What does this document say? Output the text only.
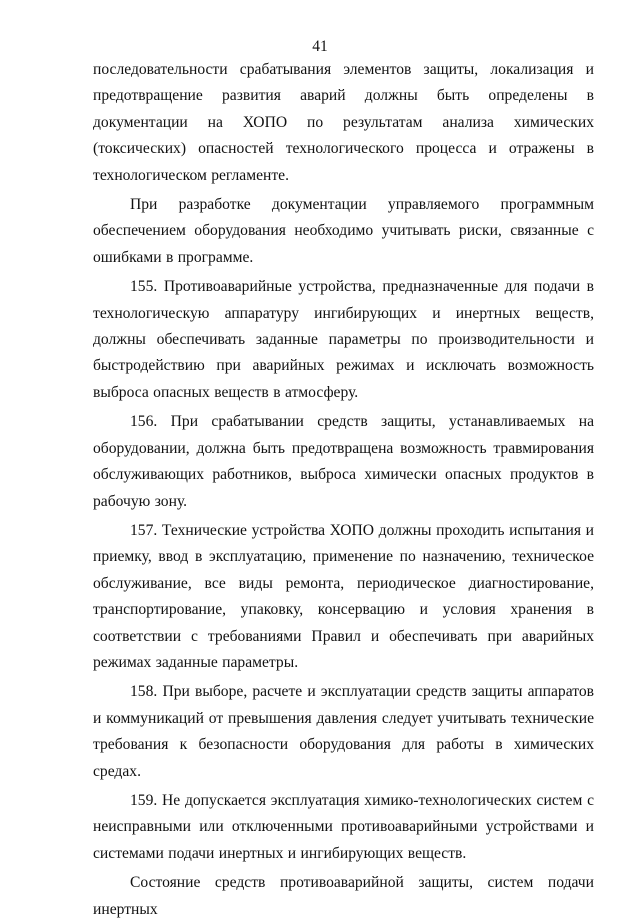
41

последовательности срабатывания элементов защиты, локализация и предотвращение развития аварий должны быть определены в документации на ХОПО по результатам анализа химических (токсических) опасностей технологического процесса и отражены в технологическом регламенте.

При разработке документации управляемого программным обеспечением оборудования необходимо учитывать риски, связанные с ошибками в программе.

155. Противоаварийные устройства, предназначенные для подачи в технологическую аппаратуру ингибирующих и инертных веществ, должны обеспечивать заданные параметры по производительности и быстродействию при аварийных режимах и исключать возможность выброса опасных веществ в атмосферу.

156. При срабатывании средств защиты, устанавливаемых на оборудовании, должна быть предотвращена возможность травмирования обслуживающих работников, выброса химически опасных продуктов в рабочую зону.

157. Технические устройства ХОПО должны проходить испытания и приемку, ввод в эксплуатацию, применение по назначению, техническое обслуживание, все виды ремонта, периодическое диагностирование, транспортирование, упаковку, консервацию и условия хранения в соответствии с требованиями Правил и обеспечивать при аварийных режимах заданные параметры.

158. При выборе, расчете и эксплуатации средств защиты аппаратов и коммуникаций от превышения давления следует учитывать технические требования к безопасности оборудования для работы в химических средах.

159. Не допускается эксплуатация химико-технологических систем с неисправными или отключенными противоаварийными устройствами и системами подачи инертных и ингибирующих веществ.

Состояние средств противоаварийной защиты, систем подачи инертных
